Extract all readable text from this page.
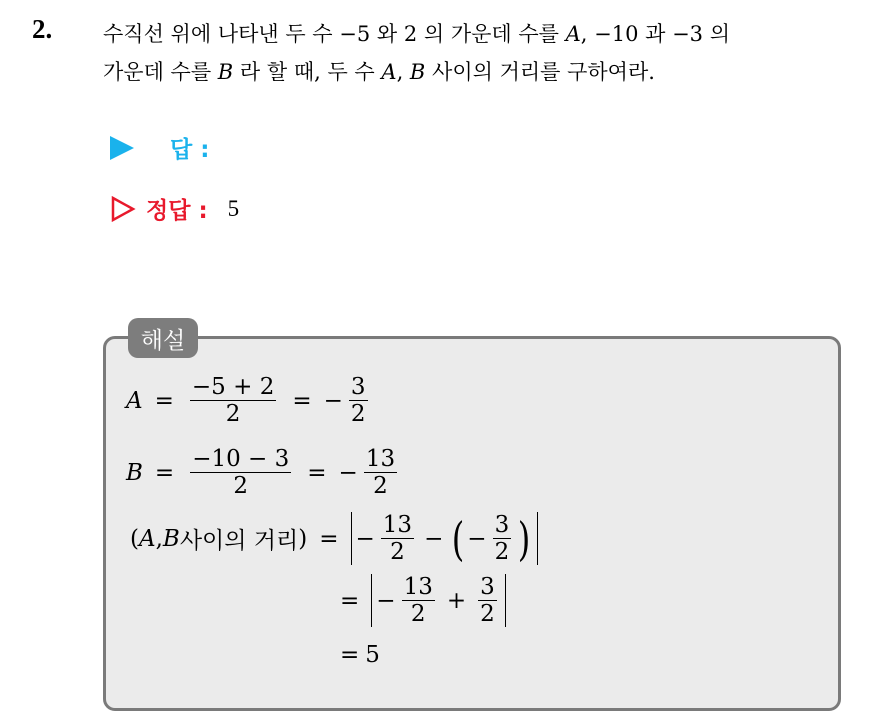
2. 수직선 위에 나타낸 두 수 −5 와 2 의 가운데 수를 A, −10 과 −3 의
가운데 수를 B 라 할 때, 두 수 A, B 사이의 거리를 구하여라.
답 :
정답 : 5
해설
$A = \frac{-5 + 2}{2}$ = − $\frac{3}{2}$
$B = \frac{-10 - 3}{2}$ = − $\frac{13}{2}$
( A , B 사이의 거리 ) = − $\frac{13}{2}$ − ( − $\frac{3}{2}$ )
= − $\frac{13}{2} + \frac{3}{2}$
= 5
